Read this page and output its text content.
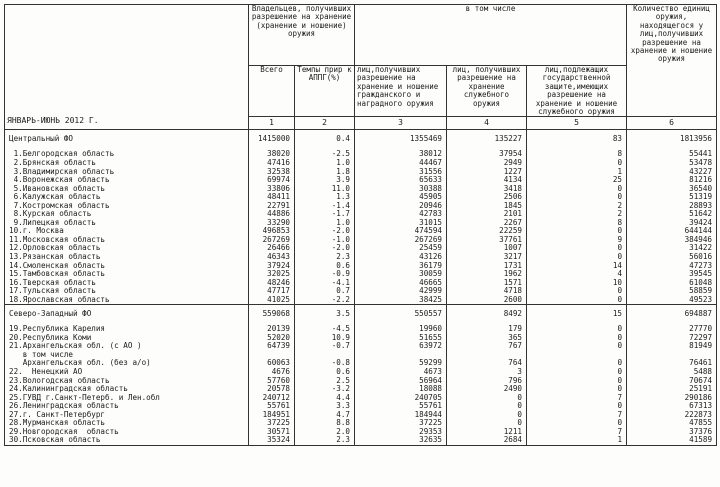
ЯНВАРЬ-ИЮНЬ 2012 Г.	Владельцев, получивших разрешение на хранение (хранение и ношение) оружия		в том числе			Количество единиц оружия, находящегося у лиц,получивших разрешение на хранение и ношение оружия
	Всего	Темпы прир к АППГ(%)	лиц,получивших разрешение на хранение и ношение гражданского и наградного оружия	лиц, получивших разрешение на хранение служебного оружия	лиц,подлежащих государственной защите,имеющих разрешение на хранение и ношение служебного оружия	
	1	2	3	4	5	6

Центральный ФО	1415000	0.4	1355469	135227	83	1813956

1.Белгородская область	38020	-2.5	38012	37954	8	55441
2.Брянская область	47416	1.0	44467	2949	0	53478
3.Владимирская область	32538	1.8	31556	1227	1	43227
4.Воронежская область	69974	3.9	65633	4134	25	81216
5.Ивановская область	33806	11.0	30388	3418	0	36540
6.Калужская область	48411	1.3	45905	2506	0	51319
7.Костромская область	22791	-1.4	20946	1845	2	28893
8.Курская область	44886	-1.7	42783	2101	2	51642
9.Липецкая область	33290	1.0	31015	2267	8	39424
10.г. Москва	496853	-2.0	474594	22259	0	644144
11.Московская область	267269	-1.0	267269	37761	9	384946
12.Орловская область	26466	-2.0	25459	1007	0	31422
13.Рязанская область	46343	2.3	43126	3217	0	56016
14.Смоленская область	37924	0.6	36179	1731	14	47273
15.Тамбовская область	32025	-0.9	30059	1962	4	39545
16.Тверская область	48246	-4.1	46665	1571	10	61048
17.Тульская область	47717	0.7	42999	4718	0	58859
18.Ярославская область	41025	-2.2	38425	2600	0	49523

Северо-Западный ФО	559068	3.5	550557	8492	15	694887

19.Республика Карелия	20139	-4.5	19960	179	0	27770
20.Республика Коми	52020	10.9	51655	365	0	72297
21.Архангельская обл. (с АО )	64739	-0.7	63972	767	0	81949
в том числе						
Архангельская обл. (без а/о)	60063	-0.8	59299	764	0	76461
22.  Ненецкий АО	4676	0.6	4673	3	0	5488
23.Вологодская область	57760	2.5	56964	796	0	70674
24.Калининградская область	20578	-3.2	18088	2490	0	25191
25.ГУВД г.Санкт-Петерб. и Лен.обл	240712	4.4	240705	0	7	290186
26.Ленинградская область	55761	3.3	55761	0	0	67313
27.г. Санкт-Петербург	184951	4.7	184944	0	7	222873
28.Мурманская область	37225	8.8	37225	0	0	47855
29.Новгородская  область	30571	2.0	29353	1211	7	37376
30.Псковская область	35324	2.3	32635	2684	1	41589
